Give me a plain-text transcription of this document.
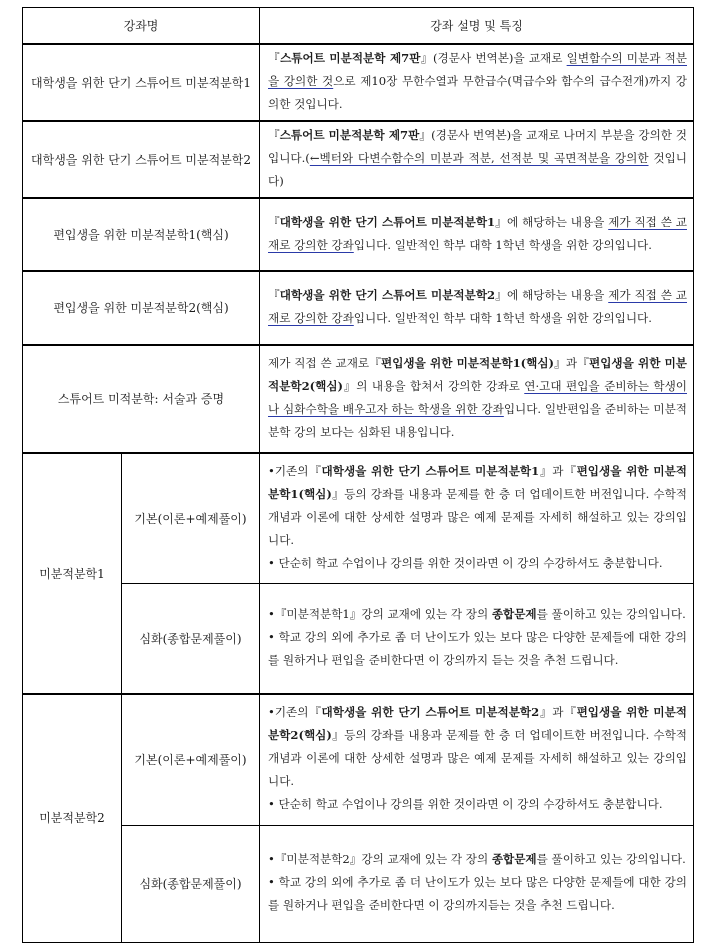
강좌명		강좌 설명 및 특징
대학생을 위한 단기 스튜어트 미분적분학1		『스튜어트 미분적분학 제7판』(경문사 번역본)을 교재로 일변함수의 미분과 적분을 강의한 것으로 제10장 무한수열과 무한급수(멱급수와 함수의 급수전개)까지 강의한 것입니다.

대학생을 위한 단기 스튜어트 미분적분학2		『스튜어트 미분적분학 제7판』(경문사 번역본)을 교재로 나머지 부분을 강의한 것입니다.(←벡터와 다변수함수의 미분과 적분, 선적분 및 곡면적분을 강의한 것입니다)

편입생을 위한 미분적분학1(핵심)		『대학생을 위한 단기 스튜어트 미분적분학1』에 해당하는 내용을 제가 직접 쓴 교재로 강의한 강좌입니다. 일반적인 학부 대학 1학년 학생을 위한 강의입니다.

편입생을 위한 미분적분학2(핵심)		『대학생을 위한 단기 스튜어트 미분적분학2』에 해당하는 내용을 제가 직접 쓴 교재로 강의한 강좌입니다. 일반적인 학부 대학 1학년 학생을 위한 강의입니다.

스튜어트 미적분학: 서술과 증명		제가 직접 쓴 교재로『편입생을 위한 미분적분학1(핵심)』과『편입생을 위한 미분적분학2(핵심)』의 내용을 합쳐서 강의한 강좌로 연·고대 편입을 준비하는 학생이나 심화수학을 배우고자 하는 학생을 위한 강좌입니다. 일반편입을 준비하는 미분적분학 강의 보다는 심화된 내용입니다.

미분적분학1	기본(이론+예제풀이)	•기존의『대학생을 위한 단기 스튜어트 미분적분학1』과『편입생을 위한 미분적분학1(핵심)』등의 강좌를 내용과 문제를 한 층 더 업데이트한 버전입니다. 수학적 개념과 이론에 대한 상세한 설명과 많은 예제 문제를 자세히 해설하고 있는 강의입니다.

• 단순히 학교 수업이나 강의를 위한 것이라면 이 강의 수강하셔도 충분합니다.

	심화(종합문제풀이)	•『미분적분학1』강의 교재에 있는 각 장의 종합문제를 풀이하고 있는 강의입니다.

• 학교 강의 외에 추가로 좀 더 난이도가 있는 보다 많은 다양한 문제들에 대한 강의를 원하거나 편입을 준비한다면 이 강의까지 듣는 것을 추천 드립니다.

미분적분학2	기본(이론+예제풀이)	•기존의『대학생을 위한 단기 스튜어트 미분적분학2』과『편입생을 위한 미분적분학2(핵심)』등의 강좌를 내용과 문제를 한 층 더 업데이트한 버전입니다. 수학적 개념과 이론에 대한 상세한 설명과 많은 예제 문제를 자세히 해설하고 있는 강의입니다.

• 단순히 학교 수업이나 강의를 위한 것이라면 이 강의 수강하셔도 충분합니다.

	심화(종합문제풀이)	•『미분적분학2』강의 교재에 있는 각 장의 종합문제를 풀이하고 있는 강의입니다.

• 학교 강의 외에 추가로 좀 더 난이도가 있는 보다 많은 다양한 문제들에 대한 강의를 원하거나 편입을 준비한다면 이 강의까지듣는 것을 추천 드립니다.
